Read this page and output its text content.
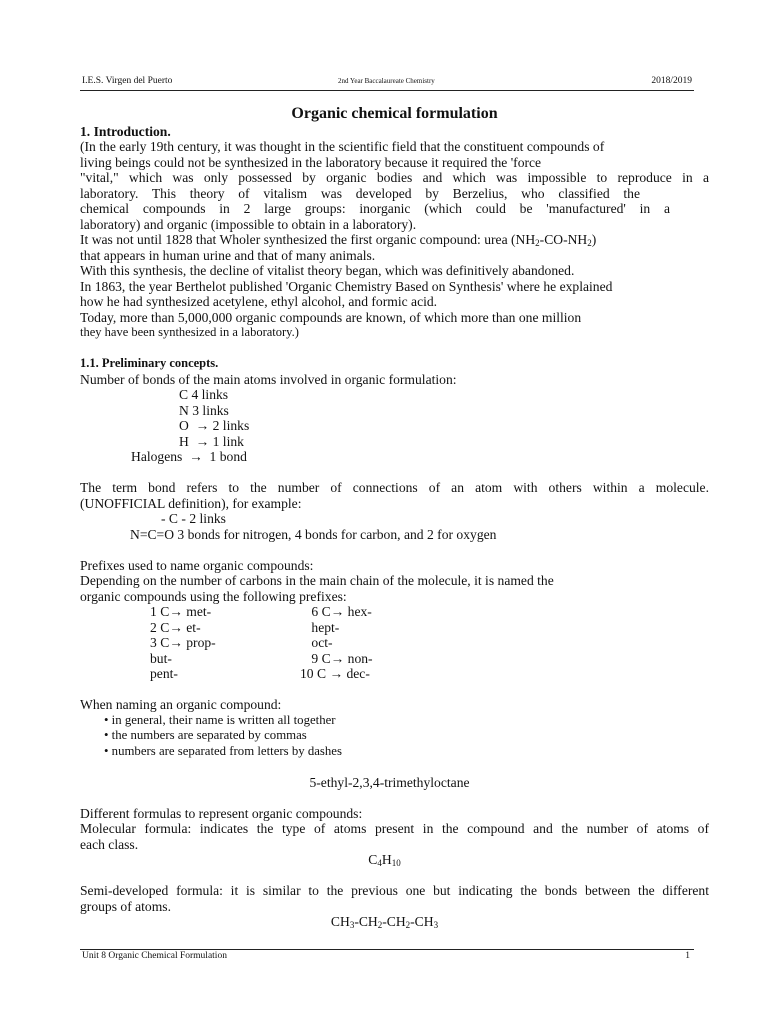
I.E.S. Virgen del Puerto	2nd Year Baccalaureate Chemistry	2018/2019
Organic chemical formulation
1. Introduction.
(In the early 19th century, it was thought in the scientific field that the constituent compounds of
living beings could not be synthesized in the laboratory because it required the 'force
"vital," which was only possessed by organic bodies and which was impossible to reproduce in a
laboratory. This theory of vitalism was developed by Berzelius, who classified the
chemical compounds in 2 large groups: inorganic (which could be 'manufactured' in a
laboratory) and organic (impossible to obtain in a laboratory).
It was not until 1828 that Wholer synthesized the first organic compound: urea $(NH_2-CO-NH_2)$
that appears in human urine and that of many animals.
With this synthesis, the decline of vitalist theory began, which was definitively abandoned.
In 1863, the year Berthelot published 'Organic Chemistry Based on Synthesis' where he explained
how he had synthesized acetylene, ethyl alcohol, and formic acid.
Today, more than 5,000,000 organic compounds are known, of which more than one million
they have been synthesized in a laboratory.)
1.1. Preliminary concepts.
Number of bonds of the main atoms involved in organic formulation:
C 4 links
N 3 links
O  → 2 links
H  → 1 link
Halogens  →  1 bond
The term bond refers to the number of connections of an atom with others within a molecule.
(UNOFFICIAL definition), for example:
- C - 2 links
N=C=O 3 bonds for nitrogen, 4 bonds for carbon, and 2 for oxygen
Prefixes used to name organic compounds:
Depending on the number of carbons in the main chain of the molecule, it is named the
organic compounds using the following prefixes:
1 C→ met-	6 C→ hex-
2 C→ et-	hept-
3 C→ prop-	oct-
but-	9 C→ non-
pent-	10 C → dec-
When naming an organic compound:
• in general, their name is written all together
• the numbers are separated by commas
• numbers are separated from letters by dashes
5-ethyl-2,3,4-trimethyloctane
Different formulas to represent organic compounds:
Molecular formula: indicates the type of atoms present in the compound and the number of atoms of
each class.
$C_4H_{10}$
Semi-developed formula: it is similar to the previous one but indicating the bonds between the different
groups of atoms.
$CH_3-CH_2-CH_2-CH_3$
Unit 8 Organic Chemical Formulation	1
